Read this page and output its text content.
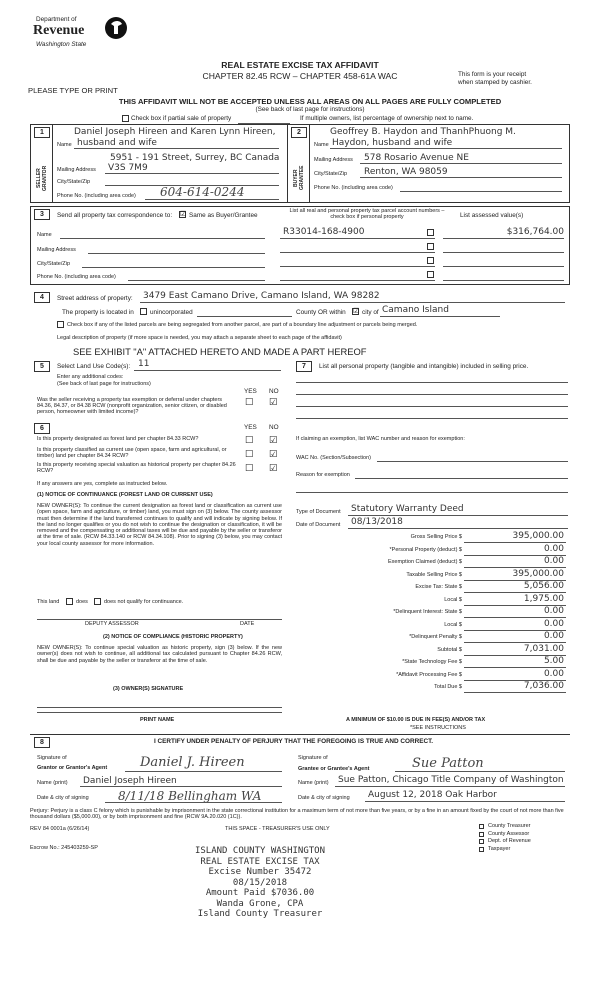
Department of
Revenue
Washington State
PLEASE TYPE OR PRINT
REAL ESTATE EXCISE TAX AFFIDAVIT
CHAPTER 82.45 RCW – CHAPTER 458-61A WAC	This form is your receipt
when stamped by cashier.
THIS AFFIDAVIT WILL NOT BE ACCEPTED UNLESS ALL AREAS ON ALL PAGES ARE FULLY COMPLETED
(See back of last page for instructions)
Check box if partial sale of property	If multiple owners, list percentage of ownership next to name.
1
SELLER GRANTOR
Daniel Joseph Hireen and Karen Lynn Hireen,
Name husband and wife
5951 - 191 Street, Surrey, BC Canada
Mailing Address V3S 7M9
City/State/Zip
Phone No. (including area code) 604-614-0244
2
BUYER GRANTEE
Geoffrey B. Haydon and ThanhPhuong M.
Name Haydon, husband and wife
Mailing Address 578 Rosario Avenue NE
City/State/Zip Renton, WA 98059
Phone No. (including area code)
3	Send all property tax correspondence to: ☑ Same as Buyer/Grantee
Name
Mailing Address
City/State/Zip
Phone No. (including area code)
List all real and personal property tax parcel account numbers – check box if personal property	List assessed value(s)
R33014-168-4900	$316,764.00
4	Street address of property: 3479 East Camano Drive, Camano Island, WA 98282
The property is located in	unincorporated	County OR within ☑ city of Camano Island
Check box if any of the listed parcels are being segregated from another parcel, are part of a boundary line adjustment or parcels being merged.
Legal description of property (if more space is needed, you may attach a separate sheet to each page of the affidavit)
SEE EXHIBIT "A" ATTACHED HERETO AND MADE A PART HEREOF
5	Select Land Use Code(s): 11
Enter any additional codes:
(See back of last page for instructions)
YES NO
Was the seller receiving a property tax exemption or deferral under chapters 84.36, 84.37, or 84.38 RCW (nonprofit organization, senior citizen, or disabled person, homeowner with limited income)?
☐ ☑
7	List all personal property (tangible and intangible) included in selling price.
6	YES NO
Is this property designated as forest land per chapter 84.33 RCW?	☐ ☑
Is this property classified as current use (open space, farm and agricultural, or timber) land per chapter 84.34 RCW?	☐ ☑
Is this property receiving special valuation as historical property per chapter 84.26 RCW?	☐ ☑
If any answers are yes, complete as instructed below.
(1) NOTICE OF CONTINUANCE (FOREST LAND OR CURRENT USE)
NEW OWNER(S): To continue the current designation as forest land or classification as current use (open space, farm and agriculture, or timber) land, you must sign on (3) below. The county assessor must then determine if the land transferred continues to qualify and will indicate by signing below. If the land no longer qualifies or you do not wish to continue the designation or classification, it will be removed and the compensating or additional taxes will be due and payable by the seller or transferor at the time of sale. (RCW 84.33.140 or RCW 84.34.108). Prior to signing (3) below, you may contact your local county assessor for more information.
This land	does	does not qualify for continuance.
DEPUTY ASSESSOR	DATE
(2) NOTICE OF COMPLIANCE (HISTORIC PROPERTY)
NEW OWNER(S): To continue special valuation as historic property, sign (3) below. If the new owner(s) does not wish to continue, all additional tax calculated pursuant to Chapter 84.26 RCW, shall be due and payable by the seller or transferor at the time of sale.
(3) OWNER(S) SIGNATURE
PRINT NAME
If claiming an exemption, list WAC number and reason for exemption:
WAC No. (Section/Subsection)
Reason for exemption
Type of Document Statutory Warranty Deed
Date of Document 08/13/2018
Gross Selling Price $	395,000.00
*Personal Property (deduct) $	0.00
Exemption Claimed (deduct) $	0.00
Taxable Selling Price $	395,000.00
Excise Tax: State $	5,056.00
Local $	1,975.00
*Delinquent Interest: State $	0.00
Local $	0.00
*Delinquent Penalty $	0.00
Subtotal $	7,031.00
*State Technology Fee $	5.00
*Affidavit Processing Fee $	0.00
Total Due $	7,036.00
A MINIMUM OF $10.00 IS DUE IN FEE(S) AND/OR TAX
*SEE INSTRUCTIONS
8	I CERTIFY UNDER PENALTY OF PERJURY THAT THE FOREGOING IS TRUE AND CORRECT.
Signature of
Grantor or Grantor's Agent	Daniel J. Hireen
Name (print) Daniel Joseph Hireen
Date & city of signing 8/11/18 Bellingham WA
Signature of
Grantee or Grantee's Agent	Sue Patton
Name (print) Sue Patton, Chicago Title Company of Washington
Date & city of signing August 12, 2018 Oak Harbor
Perjury: Perjury is a class C felony which is punishable by imprisonment in the state correctional institution for a maximum term of not more than five years, or by a fine in an amount fixed by the court of not more than five thousand dollars ($5,000.00), or by both imprisonment and fine (RCW 9A.20.020 (1C)).
REV 84 0001a (6/26/14)	THIS SPACE - TREASURER'S USE ONLY
Escrow No.: 245403259-SP
County Treasurer
County Assessor
Dept. of Revenue
Taxpayer
ISLAND COUNTY WASHINGTON
REAL ESTATE EXCISE TAX
Excise Number 35472
08/15/2018
Amount Paid $7036.00
Wanda Grone, CPA
Island County Treasurer
